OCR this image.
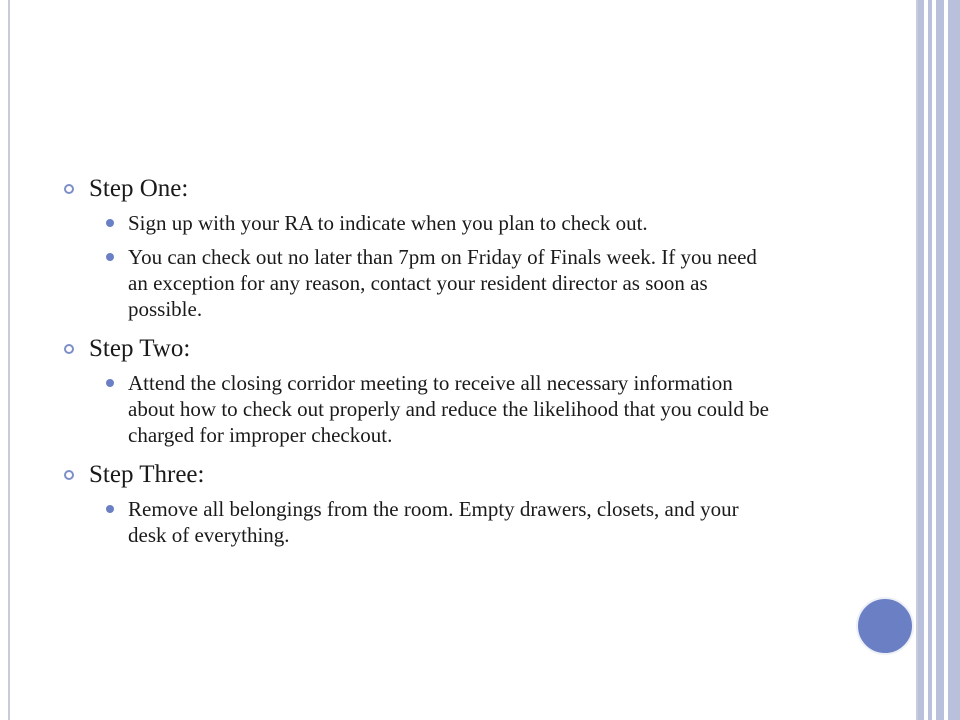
Step One:
Sign up with your RA to indicate when you plan to check out.
You can check out no later than 7pm on Friday of Finals week. If you need an exception for any reason, contact your resident director as soon as possible.
Step Two:
Attend the closing corridor meeting to receive all necessary information about how to check out properly and reduce the likelihood that you could be charged for improper checkout.
Step Three:
Remove all belongings from the room. Empty drawers, closets, and your desk of everything.
